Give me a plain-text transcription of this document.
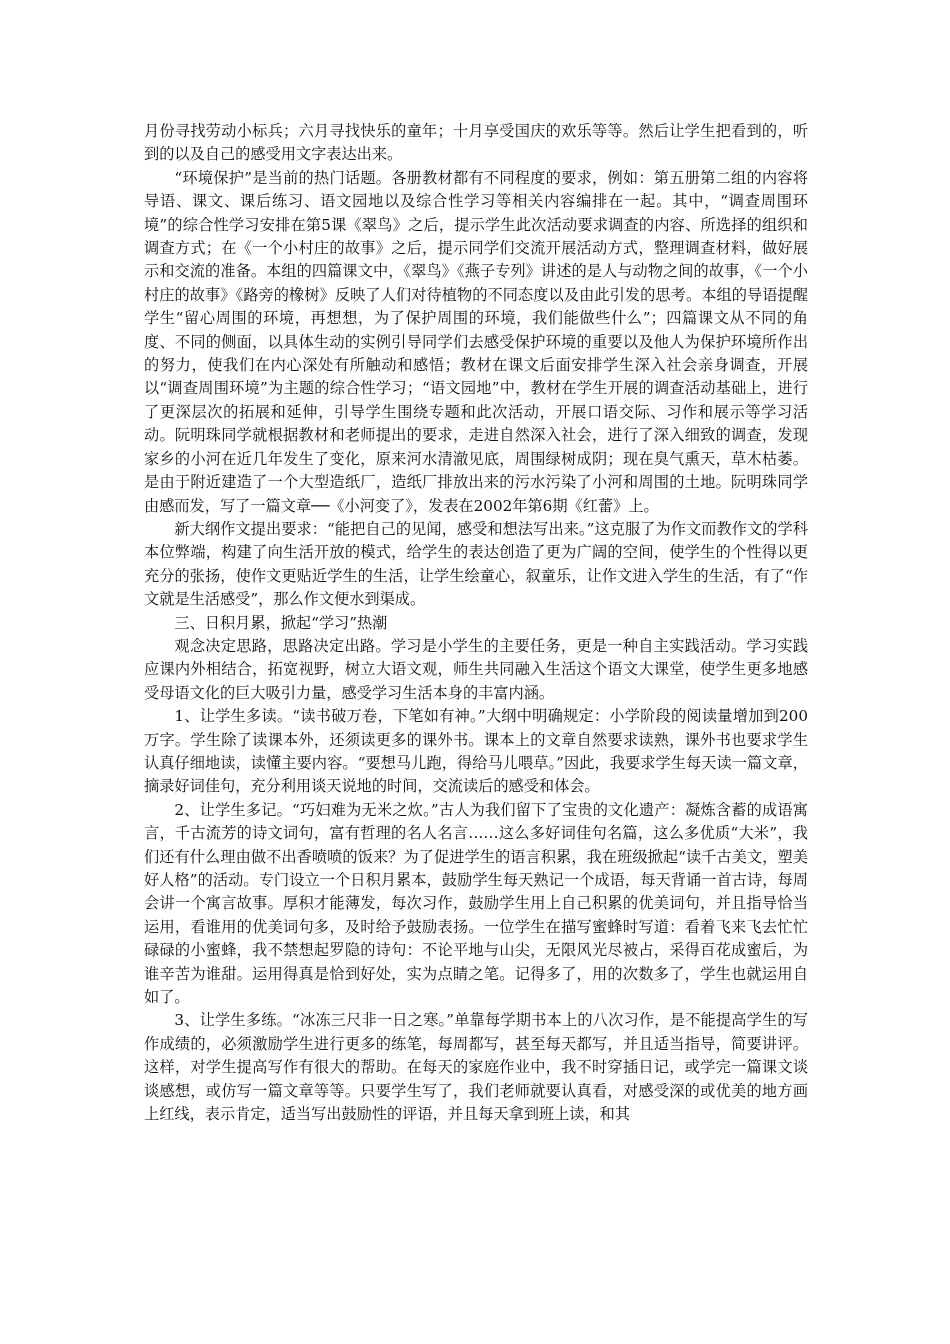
月份寻找劳动小标兵；六月寻找快乐的童年；十月享受国庆的欢乐等等。然后让学生把看到的，听到的以及自己的感受用文字表达出来。

“环境保护”是当前的热门话题。各册教材都有不同程度的要求，例如：第五册第二组的内容将导语、课文、课后练习、语文园地以及综合性学习等相关内容编排在一起。其中，“调查周围环境”的综合性学习安排在第5课《翠鸟》之后，提示学生此次活动要求调查的内容、所选择的组织和调查方式；在《一个小村庄的故事》之后，提示同学们交流开展活动方式，整理调查材料，做好展示和交流的准备。本组的四篇课文中，《翠鸟》《燕子专列》讲述的是人与动物之间的故事，《一个小村庄的故事》《路旁的橡树》反映了人们对待植物的不同态度以及由此引发的思考。本组的导语提醒学生“留心周围的环境，再想想，为了保护周围的环境，我们能做些什么”；四篇课文从不同的角度、不同的侧面，以具体生动的实例引导同学们去感受保护环境的重要以及他人为保护环境所作出的努力，使我们在内心深处有所触动和感悟；教材在课文后面安排学生深入社会亲身调查，开展以“调查周围环境”为主题的综合性学习；“语文园地”中，教材在学生开展的调查活动基础上，进行了更深层次的拓展和延伸，引导学生围绕专题和此次活动，开展口语交际、习作和展示等学习活动。阮明珠同学就根据教材和老师提出的要求，走进自然深入社会，进行了深入细致的调查，发现家乡的小河在近几年发生了变化，原来河水清澈见底，周围绿树成阴；现在臭气熏天，草木枯萎。是由于附近建造了一个大型造纸厂，造纸厂排放出来的污水污染了小河和周围的土地。阮明珠同学由感而发，写了一篇文章──《小河变了》，发表在2002年第6期《红蕾》上。

新大纲作文提出要求：“能把自己的见闻，感受和想法写出来。”这克服了为作文而教作文的学科本位弊端，构建了向生活开放的模式，给学生的表达创造了更为广阔的空间，使学生的个性得以更充分的张扬，使作文更贴近学生的生活，让学生绘童心，叙童乐，让作文进入学生的生活，有了“作文就是生活感受”，那么作文便水到渠成。

三、日积月累，掀起“学习”热潮

观念决定思路，思路决定出路。学习是小学生的主要任务，更是一种自主实践活动。学习实践应课内外相结合，拓宽视野，树立大语文观，师生共同融入生活这个语文大课堂，使学生更多地感受母语文化的巨大吸引力量，感受学习生活本身的丰富内涵。

1、让学生多读。“读书破万卷，下笔如有神。”大纲中明确规定：小学阶段的阅读量增加到200万字。学生除了读课本外，还须读更多的课外书。课本上的文章自然要求读熟，课外书也要求学生认真仔细地读，读懂主要内容。“要想马儿跑，得给马儿喂草。”因此，我要求学生每天读一篇文章，摘录好词佳句，充分利用谈天说地的时间，交流读后的感受和体会。

2、让学生多记。“巧妇难为无米之炊。”古人为我们留下了宝贵的文化遗产：凝炼含蓄的成语寓言，千古流芳的诗文词句，富有哲理的名人名言……这么多好词佳句名篇，这么多优质“大米”，我们还有什么理由做不出香喷喷的饭来？为了促进学生的语言积累，我在班级掀起“读千古美文，塑美好人格”的活动。专门设立一个日积月累本，鼓励学生每天熟记一个成语，每天背诵一首古诗，每周会讲一个寓言故事。厚积才能薄发，每次习作，鼓励学生用上自己积累的优美词句，并且指导恰当运用，看谁用的优美词句多，及时给予鼓励表扬。一位学生在描写蜜蜂时写道：看着飞来飞去忙忙碌碌的小蜜蜂，我不禁想起罗隐的诗句：不论平地与山尖，无限风光尽被占，采得百花成蜜后，为谁辛苦为谁甜。运用得真是恰到好处，实为点睛之笔。记得多了，用的次数多了，学生也就运用自如了。

3、让学生多练。“冰冻三尺非一日之寒。”单靠每学期书本上的八次习作，是不能提高学生的写作成绩的，必须激励学生进行更多的练笔，每周都写，甚至每天都写，并且适当指导，简要讲评。这样，对学生提高写作有很大的帮助。在每天的家庭作业中，我不时穿插日记，或学完一篇课文谈谈感想，或仿写一篇文章等等。只要学生写了，我们老师就要认真看，对感受深的或优美的地方画上红线，表示肯定，适当写出鼓励性的评语，并且每天拿到班上读，和其
